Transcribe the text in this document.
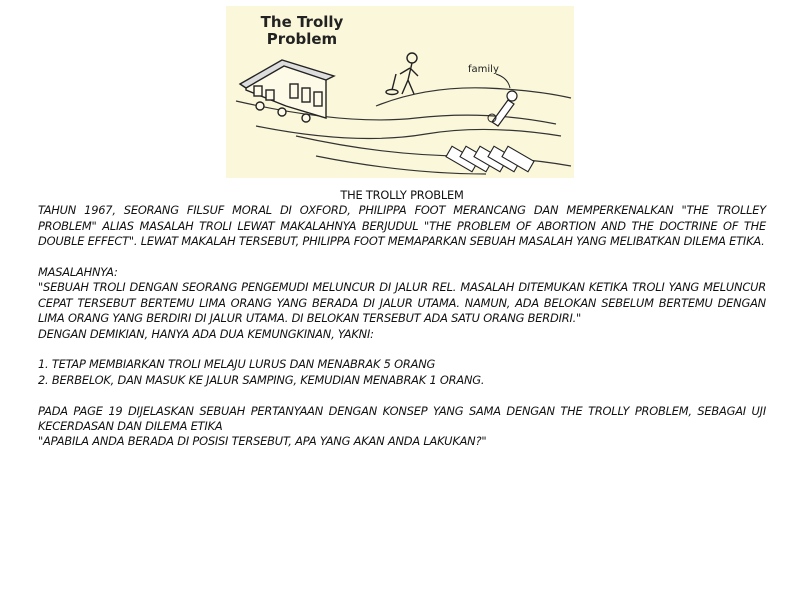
The Trolly
Problem
family

THE TROLLY PROBLEM

TAHUN 1967, SEORANG FILSUF MORAL DI OXFORD, PHILIPPA FOOT MERANCANG DAN MEMPERKENALKAN "THE TROLLEY PROBLEM" ALIAS MASALAH TROLI LEWAT MAKALAHNYA BERJUDUL "THE PROBLEM OF ABORTION AND THE DOCTRINE OF THE DOUBLE EFFECT". LEWAT MAKALAH TERSEBUT, PHILIPPA FOOT MEMAPARKAN SEBUAH MASALAH YANG MELIBATKAN DILEMA ETIKA.

MASALAHNYA:

"SEBUAH TROLI DENGAN SEORANG PENGEMUDI MELUNCUR DI JALUR REL. MASALAH DITEMUKAN KETIKA TROLI YANG MELUNCUR CEPAT TERSEBUT BERTEMU LIMA ORANG YANG BERADA DI JALUR UTAMA. NAMUN, ADA BELOKAN SEBELUM BERTEMU DENGAN LIMA ORANG YANG BERDIRI DI JALUR UTAMA. DI BELOKAN TERSEBUT ADA SATU ORANG BERDIRI."

DENGAN DEMIKIAN, HANYA ADA DUA KEMUNGKINAN, YAKNI:

1. TETAP MEMBIARKAN TROLI MELAJU LURUS DAN MENABRAK 5 ORANG

2. BERBELOK, DAN MASUK KE JALUR SAMPING, KEMUDIAN MENABRAK 1 ORANG.

PADA PAGE 19 DIJELASKAN SEBUAH PERTANYAAN DENGAN KONSEP YANG SAMA DENGAN THE TROLLY PROBLEM, SEBAGAI UJI KECERDASAN DAN DILEMA ETIKA

"APABILA ANDA BERADA DI POSISI TERSEBUT, APA YANG AKAN ANDA LAKUKAN?"
